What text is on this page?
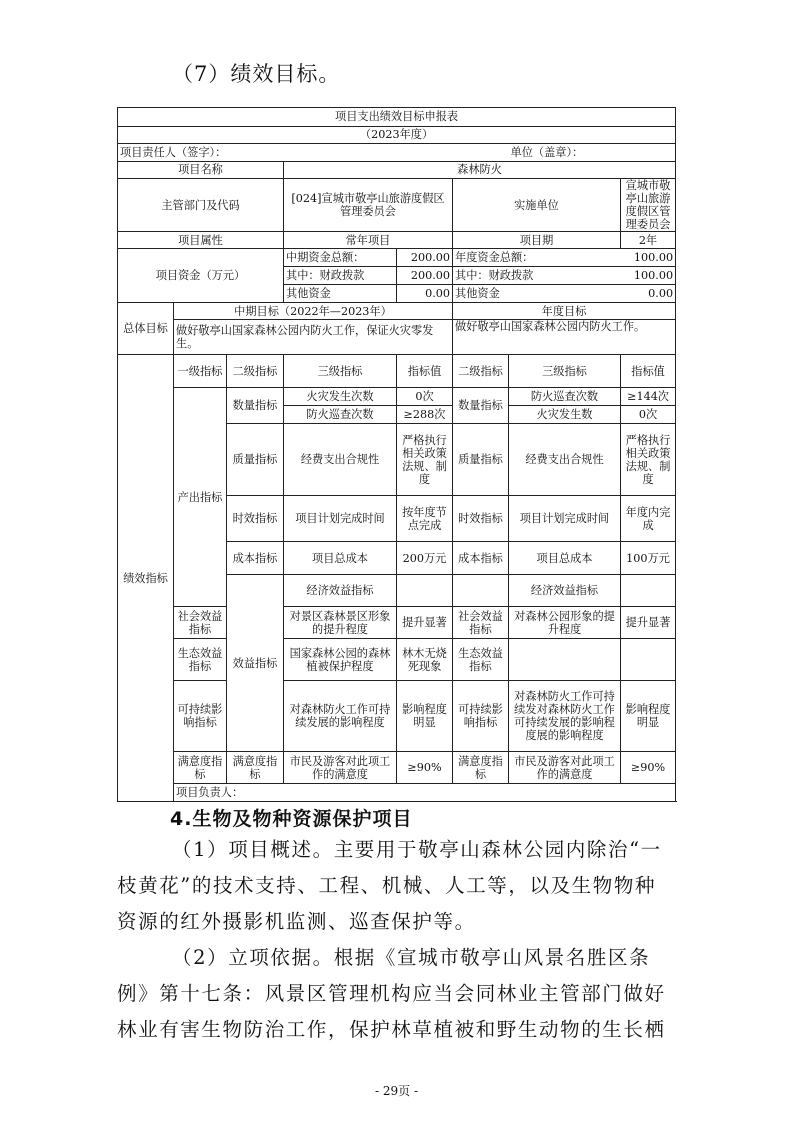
（7）绩效目标。
项目支出绩效目标申报表								
（2023年度）								
项目责任人（签字）：						单位（盖章）：		
项目名称			森林防火					
主管部门及代码			[024]宣城市敬亭山旅游度假区管理委员会		实施单位		宣城市敬亭山旅游度假区管理委员会	
项目属性			常年项目		项目期		2年	
项目资金（万元）			中期资金总额：	200.00	年度资金总额：		100.00	
			其中：财政拨款	200.00	其中：财政拨款		100.00	
			其他资金	0.00	其他资金		0.00	
总体目标	中期目标（2022年—2023年）				年度目标			
	做好敬亭山国家森林公园内防火工作，保证火灾零发生。				做好敬亭山国家森林公园内防火工作。			
绩效指标	一级指标	二级指标	三级指标	指标值	二级指标	三级指标	指标值	
	产出指标	数量指标	火灾发生次数	0次	数量指标	防火巡查次数	≥144次	
			防火巡查次数	≥288次		火灾发生数	0次	
		质量指标	经费支出合规性	严格执行相关政策法规、制度	质量指标	经费支出合规性	严格执行相关政策法规、制度	
		时效指标	项目计划完成时间	按年度节点完成	时效指标	项目计划完成时间	年度内完成	
		成本指标	项目总成本	200万元	成本指标	项目总成本	100万元	
		效益指标	经济效益指标			经济效益指标		
	社会效益指标		对景区森林景区形象的提升程度	提升显著	社会效益指标	对森林公园形象的提升程度	提升显著	
	生态效益指标		国家森林公园的森林植被保护程度	林木无烧死现象	生态效益指标			
	可持续影响指标		对森林防火工作可持续发展的影响程度	影响程度明显	可持续影响指标	对森林防火工作可持续发对森林防火工作可持续发展的影响程度展的影响程度	影响程度明显	
	满意度指标	满意度指标	市民及游客对此项工作的满意度	≥90%	满意度指标	市民及游客对此项工作的满意度	≥90%	
	项目负责人：							
4.生物及物种资源保护项目
（1）项目概述。主要用于敬亭山森林公园内除治“一
枝黄花”的技术支持、工程、机械、人工等，以及生物物种
资源的红外摄影机监测、巡查保护等。
（2）立项依据。根据《宣城市敬亭山风景名胜区条
例》第十七条：风景区管理机构应当会同林业主管部门做好
林业有害生物防治工作，保护林草植被和野生动物的生长栖
- 29页 -
